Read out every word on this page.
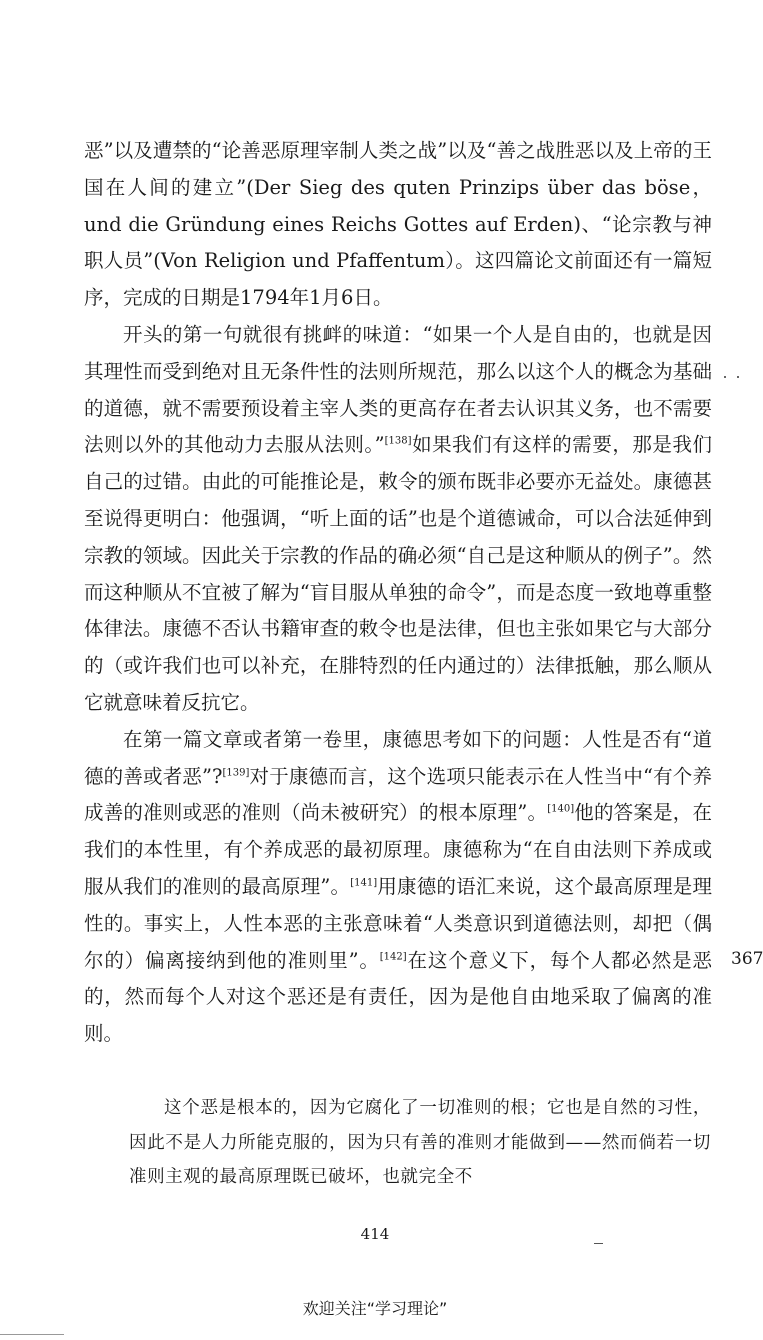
恶”以及遭禁的“论善恶原理宰制人类之战”以及“善之战胜恶以及上帝的王国在人间的建立”(Der Sieg des quten Prinzips über das böse，und die Gründung eines Reichs Gottes auf Erden)、“论宗教与神职人员”(Von Religion und Pfaffentum）。这四篇论文前面还有一篇短序，完成的日期是1794年1月6日。

开头的第一句就很有挑衅的味道：“如果一个人是自由的，也就是因其理性而受到绝对且无条件性的法则所规范，那么以这个人的概念为基础的道德，就不需要预设着主宰人类的更高存在者去认识其义务，也不需要法则以外的其他动力去服从法则。”[138]如果我们有这样的需要，那是我们自己的过错。由此的可能推论是，敕令的颁布既非必要亦无益处。康德甚至说得更明白：他强调，“听上面的话”也是个道德诫命，可以合法延伸到宗教的领域。因此关于宗教的作品的确必须“自己是这种顺从的例子”。然而这种顺从不宜被了解为“盲目服从单独的命令”，而是态度一致地尊重整体律法。康德不否认书籍审查的敕令也是法律，但也主张如果它与大部分的（或许我们也可以补充，在腓特烈的任内通过的）法律抵触，那么顺从它就意味着反抗它。

在第一篇文章或者第一卷里，康德思考如下的问题：人性是否有“道德的善或者恶”?[139]对于康德而言，这个选项只能表示在人性当中“有个养成善的准则或恶的准则（尚未被研究）的根本原理”。[140]他的答案是，在我们的本性里，有个养成恶的最初原理。康德称为“在自由法则下养成或服从我们的准则的最高原理”。[141]用康德的语汇来说，这个最高原理是理性的。事实上，人性本恶的主张意味着“人类意识到道德法则，却把（偶尔的）偏离接纳到他的准则里”。[142]在这个意义下，每个人都必然是恶的，然而每个人对这个恶还是有责任，因为是他自由地采取了偏离的准则。

这个恶是根本的，因为它腐化了一切准则的根；它也是自然的习性，因此不是人力所能克服的，因为只有善的准则才能做到——然而倘若一切准则主观的最高原理既已破坏，也就完全不

367
414
欢迎关注“学习理论”
